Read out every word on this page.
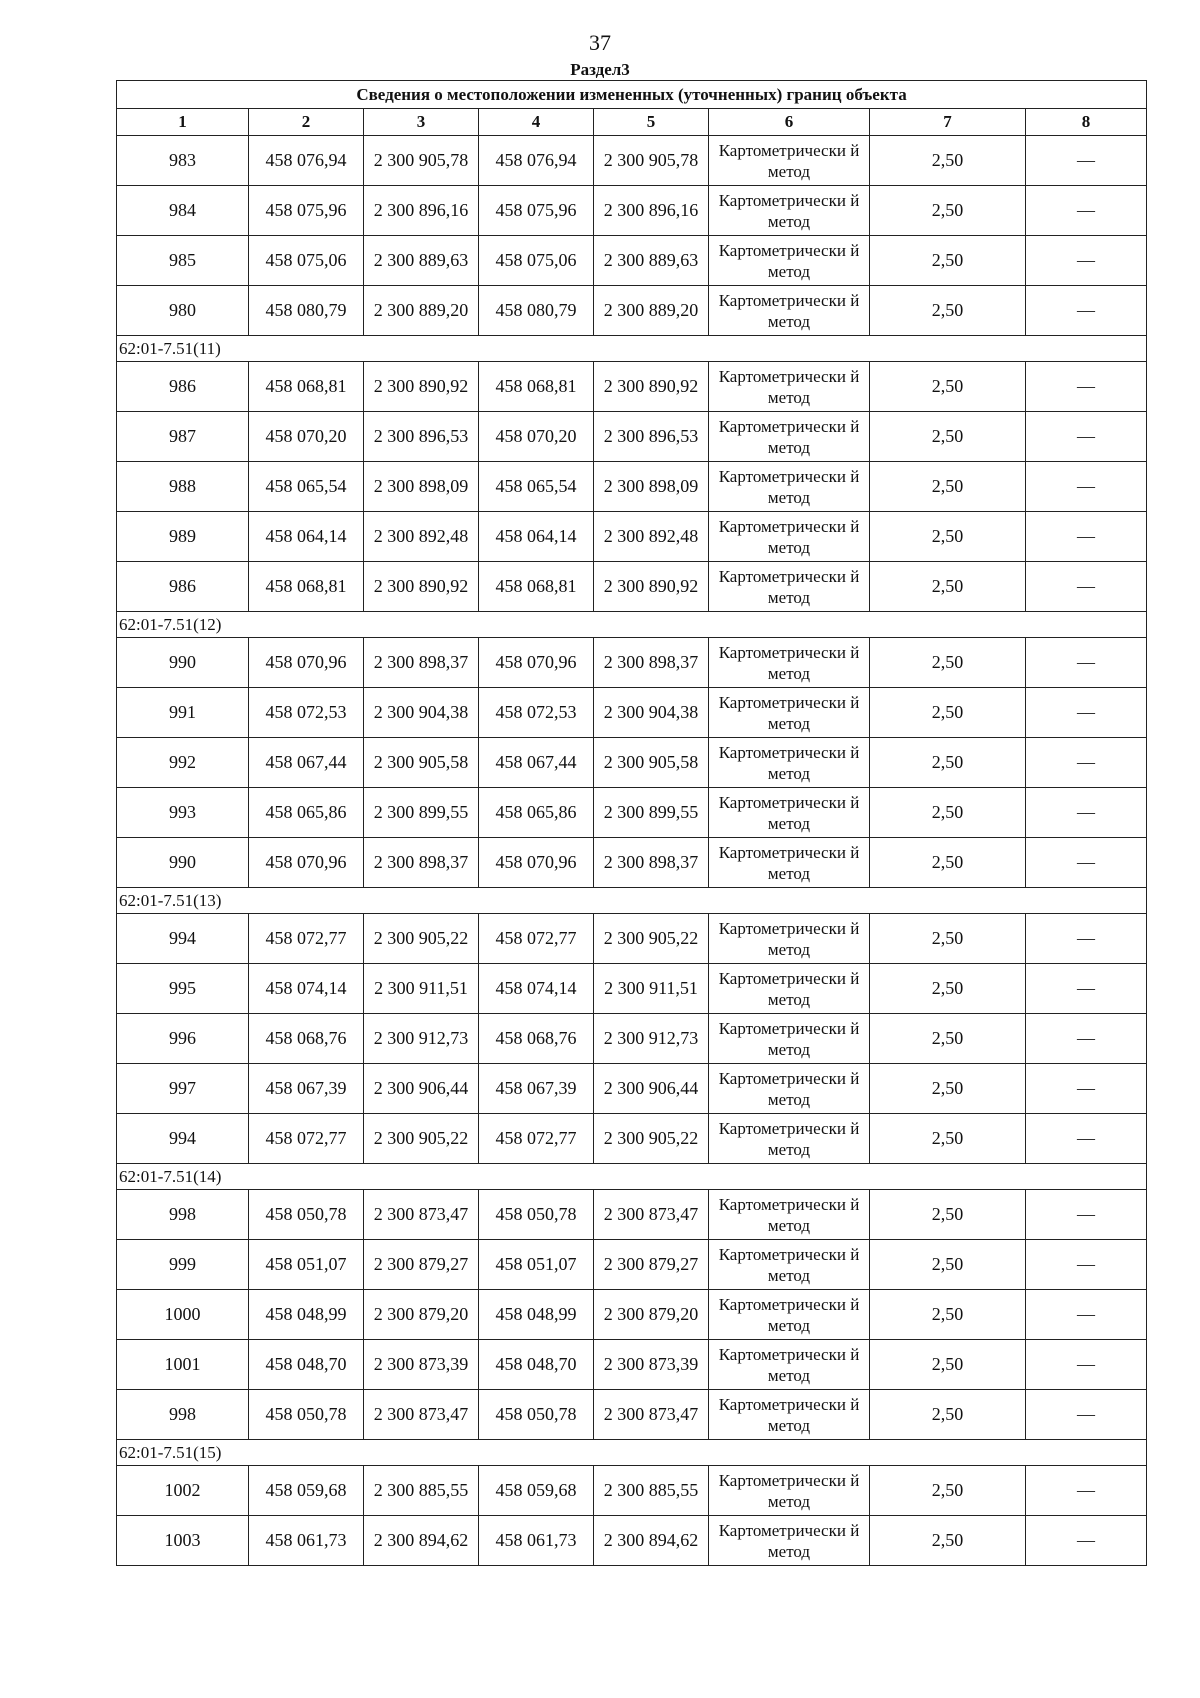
37
Раздел3
Сведения о местоположении измененных (уточненных) границ объекта							
1	2	3	4	5	6	7	8
983	458 076,94	2 300 905,78	458 076,94	2 300 905,78	Картометрически й метод	2,50	—
984	458 075,96	2 300 896,16	458 075,96	2 300 896,16	Картометрически й метод	2,50	—
985	458 075,06	2 300 889,63	458 075,06	2 300 889,63	Картометрически й метод	2,50	—
980	458 080,79	2 300 889,20	458 080,79	2 300 889,20	Картометрически й метод	2,50	—
62:01-7.51(11)							
986	458 068,81	2 300 890,92	458 068,81	2 300 890,92	Картометрически й метод	2,50	—
987	458 070,20	2 300 896,53	458 070,20	2 300 896,53	Картометрически й метод	2,50	—
988	458 065,54	2 300 898,09	458 065,54	2 300 898,09	Картометрически й метод	2,50	—
989	458 064,14	2 300 892,48	458 064,14	2 300 892,48	Картометрически й метод	2,50	—
986	458 068,81	2 300 890,92	458 068,81	2 300 890,92	Картометрически й метод	2,50	—
62:01-7.51(12)							
990	458 070,96	2 300 898,37	458 070,96	2 300 898,37	Картометрически й метод	2,50	—
991	458 072,53	2 300 904,38	458 072,53	2 300 904,38	Картометрически й метод	2,50	—
992	458 067,44	2 300 905,58	458 067,44	2 300 905,58	Картометрически й метод	2,50	—
993	458 065,86	2 300 899,55	458 065,86	2 300 899,55	Картометрически й метод	2,50	—
990	458 070,96	2 300 898,37	458 070,96	2 300 898,37	Картометрически й метод	2,50	—
62:01-7.51(13)							
994	458 072,77	2 300 905,22	458 072,77	2 300 905,22	Картометрически й метод	2,50	—
995	458 074,14	2 300 911,51	458 074,14	2 300 911,51	Картометрически й метод	2,50	—
996	458 068,76	2 300 912,73	458 068,76	2 300 912,73	Картометрически й метод	2,50	—
997	458 067,39	2 300 906,44	458 067,39	2 300 906,44	Картометрически й метод	2,50	—
994	458 072,77	2 300 905,22	458 072,77	2 300 905,22	Картометрически й метод	2,50	—
62:01-7.51(14)							
998	458 050,78	2 300 873,47	458 050,78	2 300 873,47	Картометрически й метод	2,50	—
999	458 051,07	2 300 879,27	458 051,07	2 300 879,27	Картометрически й метод	2,50	—
1000	458 048,99	2 300 879,20	458 048,99	2 300 879,20	Картометрически й метод	2,50	—
1001	458 048,70	2 300 873,39	458 048,70	2 300 873,39	Картометрически й метод	2,50	—
998	458 050,78	2 300 873,47	458 050,78	2 300 873,47	Картометрически й метод	2,50	—
62:01-7.51(15)							
1002	458 059,68	2 300 885,55	458 059,68	2 300 885,55	Картометрически й метод	2,50	—
1003	458 061,73	2 300 894,62	458 061,73	2 300 894,62	Картометрически й метод	2,50	—
